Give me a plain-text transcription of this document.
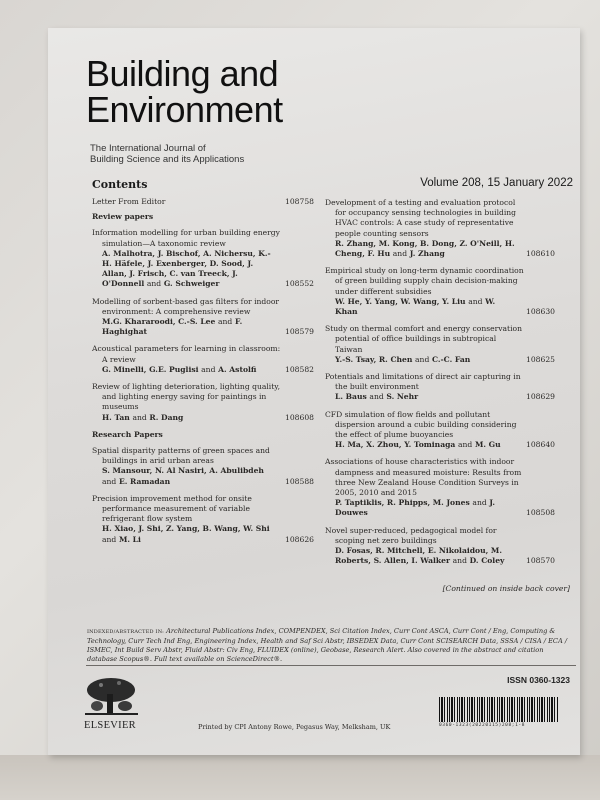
Building and
Environment
The International Journal of
Building Science and its Applications
Contents	Volume 208, 15 January 2022
Letter From Editor	108758
Review papers
Information modelling for urban building energy simulation—A taxonomic review
A. Malhotra, J. Bischof, A. Nichersu, K.-H. Häfele, J. Exenberger, D. Sood, J. Allan, J. Frisch, C. van Treeck, J. O'Donnell and G. Schweiger	108552
Modelling of sorbent-based gas filters for indoor environment: A comprehensive review
M.G. Khararoodi, C.-S. Lee and F. Haghighat	108579
Acoustical parameters for learning in classroom: A review
G. Minelli, G.E. Puglisi and A. Astolfi	108582
Review of lighting deterioration, lighting quality, and lighting energy saving for paintings in museums
H. Tan and R. Dang	108608
Research Papers
Spatial disparity patterns of green spaces and buildings in arid urban areas
S. Mansour, N. Al Nasiri, A. Abulibdeh and E. Ramadan	108588
Precision improvement method for onsite performance measurement of variable refrigerant flow system
H. Xiao, J. Shi, Z. Yang, B. Wang, W. Shi and M. Li	108626
Development of a testing and evaluation protocol for occupancy sensing technologies in building HVAC controls: A case study of representative people counting sensors
R. Zhang, M. Kong, B. Dong, Z. O'Neill, H. Cheng, F. Hu and J. Zhang	108610
Empirical study on long-term dynamic coordination of green building supply chain decision-making under different subsidies
W. He, Y. Yang, W. Wang, Y. Liu and W. Khan	108630
Study on thermal comfort and energy conservation potential of office buildings in subtropical Taiwan
Y.-S. Tsay, R. Chen and C.-C. Fan	108625
Potentials and limitations of direct air capturing in the built environment
L. Baus and S. Nehr	108629
CFD simulation of flow fields and pollutant dispersion around a cubic building considering the effect of plume buoyancies
H. Ma, X. Zhou, Y. Tominaga and M. Gu	108640
Associations of house characteristics with indoor dampness and measured moisture: Results from three New Zealand House Condition Surveys in 2005, 2010 and 2015
P. Taptiklis, R. Phipps, M. Jones and J. Douwes	108508
Novel super-reduced, pedagogical model for scoping net zero buildings
D. Fosas, R. Mitchell, E. Nikolaidou, M. Roberts, S. Allen, I. Walker and D. Coley	108570
[Continued on inside back cover]
INDEXED/ABSTRACTED IN: Architectural Publications Index, COMPENDEX, Sci Citation Index, Curr Cont ASCA, Curr Cont / Eng, Computing & Technology, Curr Tech Ind Eng, Engineering Index, Health and Saf Sci Abstr, IBSEDEX Data, Curr Cont SCISEARCH Data, SSSA / CISA / ECA / ISMEC, Int Build Serv Abstr, Fluid Abstr: Civ Eng, FLUIDEX (online), Geobase, Research Alert. Also covered in the abstract and citation database Scopus®. Full text available on ScienceDirect®.
ELSEVIER	Printed by CPI Antony Rowe, Pegasus Way, Melksham, UK
ISSN 0360-1323
0360-1323(20220115)208;1-8
